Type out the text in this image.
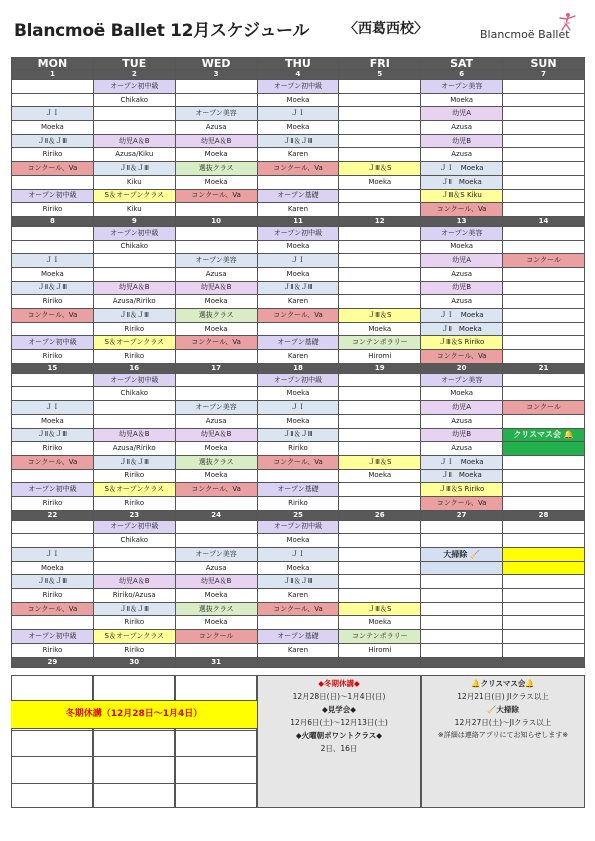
Blancmoë Ballet 12月スケジュール 〈西葛西校〉	Blancmoë Ballet
MON	TUE	WED	THU	FRI	SAT	SUN
1	2	3	4	5	6	7
	オープン初中級		オープン初中級		オープン美容	
	Chikako		Moeka		Moeka	
ＪＩ		オープン美容	ＪＩ		幼児A	
Moeka		Azusa	Moeka		Azusa	
ＪⅡ＆ＪⅢ	幼児A＆B	幼児A＆B	ＪⅡ＆ＪⅢ		幼児B	
Ririko	Azusa/Kiku	Moeka	Karen		Azusa	
コンクール、Va	ＪⅡ＆ＪⅢ	選抜クラス	コンクール、Va	ＪⅢ＆S	ＪＩ　Moeka	
	Kiku	Moeka		Moeka	ＪⅡ　Moeka	
オープン初中級	S＆オープンクラス	コンクール、Va	オープン基礎		ＪⅢ＆S Kiku	
Ririko	Kiku		Karen		コンクール、Va	
8	9	10	11	12	13	14
	オープン初中級		オープン初中級		オープン美容	
	Chikako		Moeka		Moeka	
ＪＩ		オープン美容	ＪＩ		幼児A	コンクール
Moeka		Azusa	Moeka		Azusa	
ＪⅡ＆ＪⅢ	幼児A＆B	幼児A＆B	ＪⅡ＆ＪⅢ		幼児B	
Ririko	Azusa/Ririko	Moeka	Karen		Azusa	
コンクール、Va	ＪⅡ＆ＪⅢ	選抜クラス	コンクール、Va	ＪⅢ＆S	ＪＩ　Moeka	
	Ririko	Moeka		Moeka	ＪⅡ　Moeka	
オープン初中級	S＆オープンクラス	コンクール、Va	オープン基礎	コンテンポラリー	ＪⅢ＆S Ririko	
Ririko	Ririko		Karen	Hiromi	コンクール、Va	
15	16	17	18	19	20	21
	オープン初中級		オープン初中級		オープン美容	
	Chikako		Moeka		Moeka	
ＪＩ		オープン美容	ＪＩ		幼児A	コンクール
Moeka		Azusa	Moeka		Azusa	
ＪⅡ＆ＪⅢ	幼児A＆B	幼児A＆B	ＪⅡ＆ＪⅢ		幼児B	クリスマス会 🔔
Ririko	Azusa/Ririko	Moeka	Ririko		Azusa	
コンクール、Va	ＪⅡ＆ＪⅢ	選抜クラス	コンクール、Va	ＪⅢ＆S	ＪＩ　Moeka	
	Ririko	Moeka		Moeka	ＪⅡ　Moeka	
オープン初中級	S＆オープンクラス	コンクール、Va	オープン基礎		ＪⅢ＆S Ririko	
Ririko	Ririko		Ririko		コンクール、Va	
22	23	24	25	26	27	28
	オープン初中級		オープン初中級			
	Chikako		Moeka			
ＪＩ		オープン美容	ＪＩ		大掃除 🧹	
Moeka		Azusa	Moeka			
ＪⅡ＆ＪⅢ	幼児A＆B	幼児A＆B	ＪⅡ＆ＪⅢ			
Ririko	Ririko/Azusa	Moeka	Karen			
コンクール、Va	ＪⅡ＆ＪⅢ	選抜クラス	コンクール、Va	ＪⅢ＆S		
	Ririko	Moeka		Moeka		
オープン初中級	S＆オープンクラス	コンクール	オープン基礎	コンテンポラリー		
Ririko	Ririko		Karen	Hiromi		
29	30	31				
冬期休講（12月28日～1月4日）
◆冬期休講◆
12月28日(日)～1月4日(日)
◆見学会◆
12月6日(土)～12月13日(土)
◆火曜朝ポワントクラス◆
2日、16日
🔔クリスマス会🔔
12月21日(日) JⅠクラス以上
🧹大掃除
12月27日(土)～JⅠクラス以上
※詳細は連絡アプリにてお知らせします※
